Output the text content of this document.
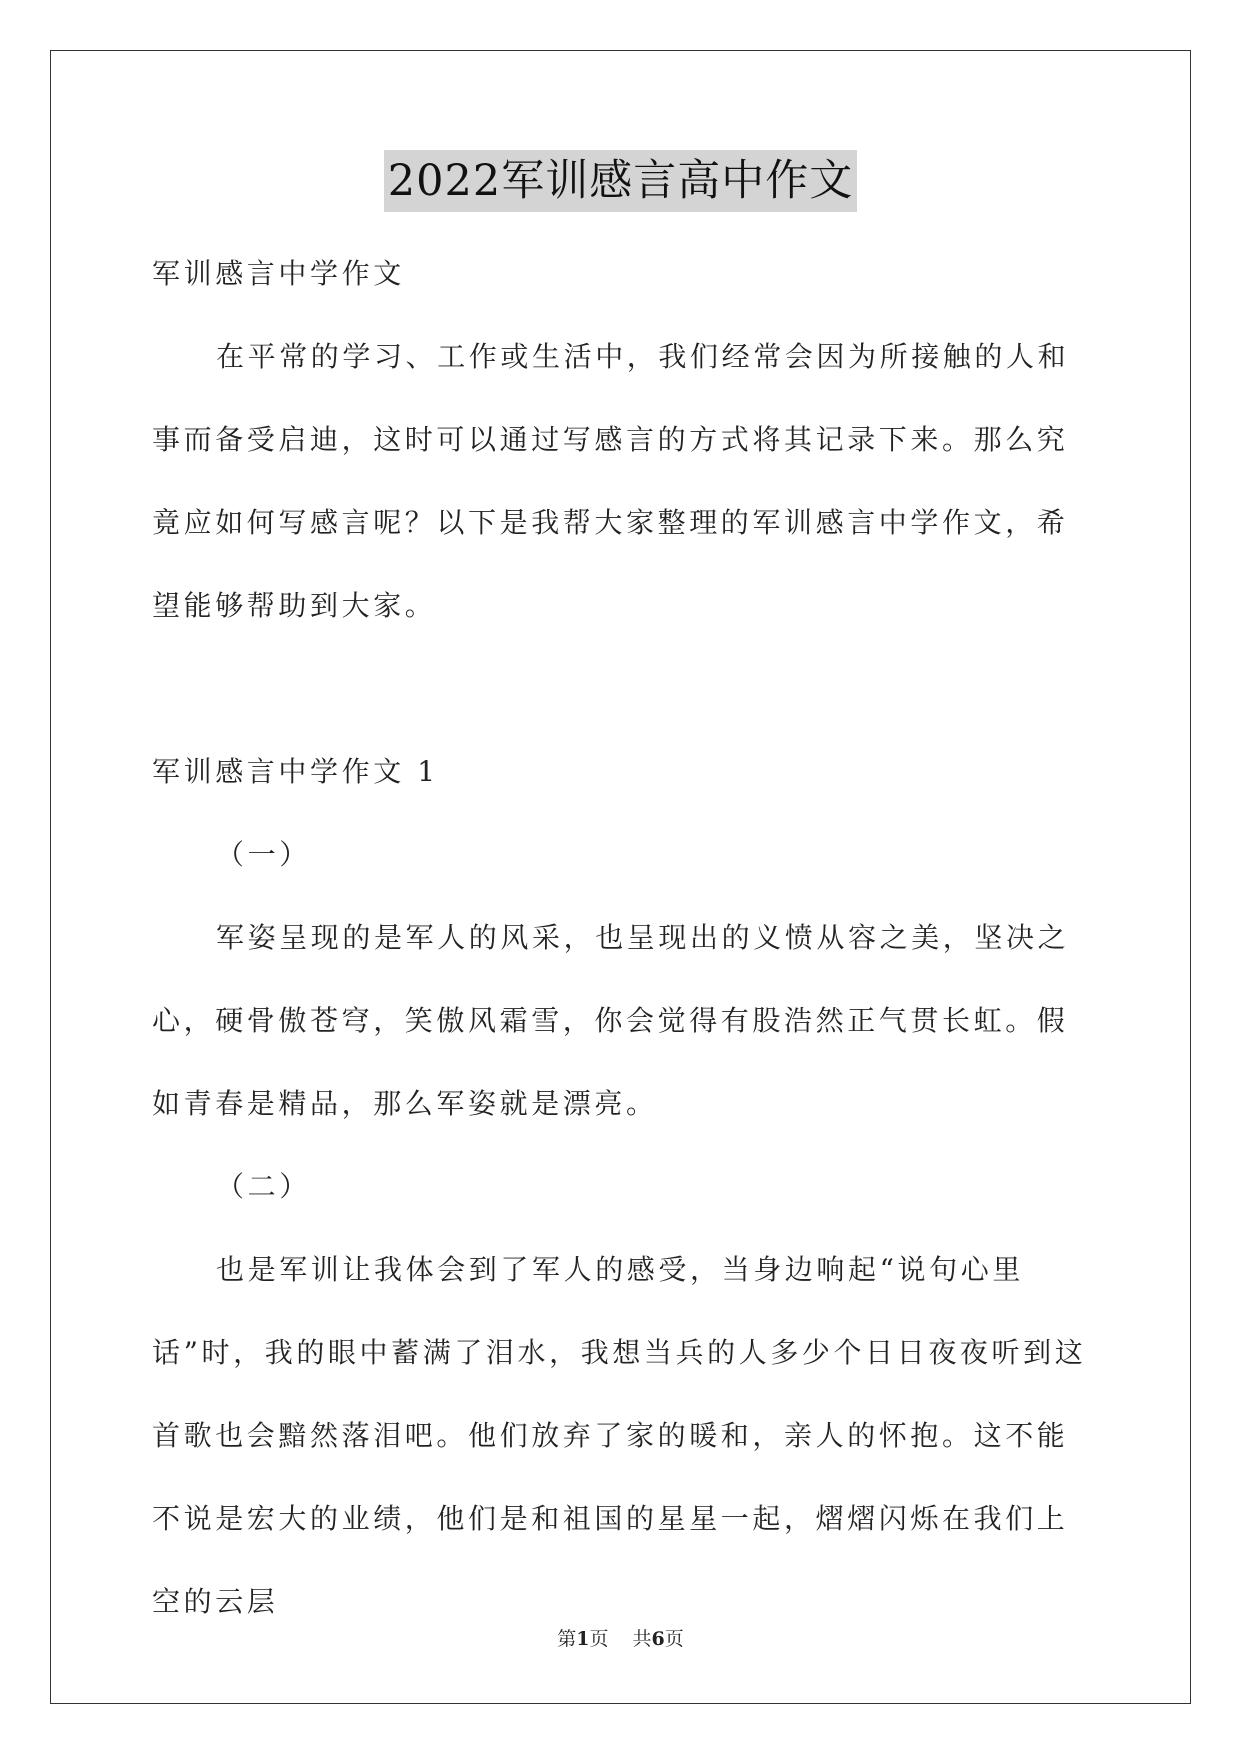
2022军训感言高中作文

军训感言中学作文

在平常的学习、工作或生活中，我们经常会因为所接触的人和事而备受启迪，这时可以通过写感言的方式将其记录下来。那么究竟应如何写感言呢？以下是我帮大家整理的军训感言中学作文，希望能够帮助到大家。

军训感言中学作文 1

（一）

军姿呈现的是军人的风采，也呈现出的义愤从容之美，坚决之心，硬骨傲苍穹，笑傲风霜雪，你会觉得有股浩然正气贯长虹。假如青春是精品，那么军姿就是漂亮。

（二）

也是军训让我体会到了军人的感受，当身边响起“说句心里话”时，我的眼中蓄满了泪水，我想当兵的人多少个日日夜夜听到这首歌也会黯然落泪吧。他们放弃了家的暖和，亲人的怀抱。这不能不说是宏大的业绩，他们是和祖国的星星一起，熠熠闪烁在我们上空的云层

第1页 共6页
